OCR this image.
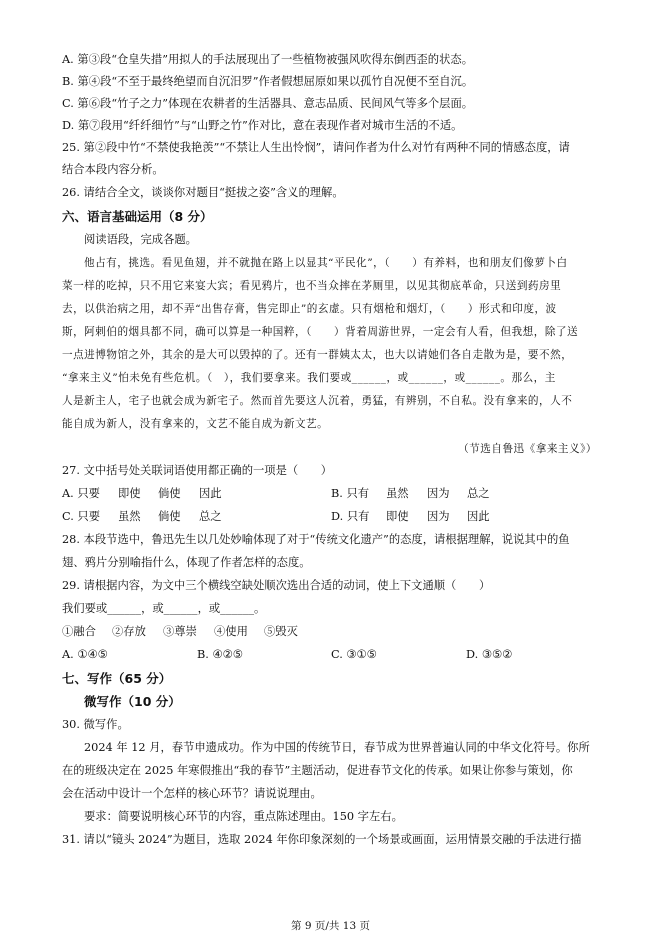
A. 第③段“仓皇失措”用拟人的手法展现出了一些植物被强风吹得东倒西歪的状态。
B. 第④段“不至于最终绝望而自沉汨罗”作者假想屈原如果以孤竹自况便不至自沉。
C. 第⑥段“竹子之力”体现在农耕者的生活器具、意志品质、民间风气等多个层面。
D. 第⑦段用“纤纤细竹”与“山野之竹”作对比，意在表现作者对城市生活的不适。
25. 第②段中竹“不禁使我艳羡”“不禁让人生出怜悯”，请问作者为什么对竹有两种不同的情感态度，请
结合本段内容分析。
26. 请结合全文，谈谈你对题目“挺拔之姿”含义的理解。
六、语言基础运用（8 分）
阅读语段，完成各题。
他占有，挑选。看见鱼翅，并不就抛在路上以显其“平民化”，（　　）有养料，也和朋友们像萝卜白
菜一样的吃掉，只不用它来宴大宾；看见鸦片，也不当众摔在茅厕里，以见其彻底革命，只送到药房里
去，以供治病之用，却不弄“出售存膏，售完即止”的玄虚。只有烟枪和烟灯，（　　）形式和印度，波
斯，阿剌伯的烟具都不同，确可以算是一种国粹，（　　）背着周游世界，一定会有人看，但我想，除了送
一点进博物馆之外，其余的是大可以毁掉的了。还有一群姨太太，也大以请她们各自走散为是，要不然，
“拿来主义”怕未免有些危机。（　），我们要拿来。我们要或______，或______，或______。那么，主
人是新主人，宅子也就会成为新宅子。然而首先要这人沉着，勇猛，有辨别，不自私。没有拿来的，人不
能自成为新人，没有拿来的，文艺不能自成为新文艺。
（节选自鲁迅《拿来主义》）
27. 文中括号处关联词语使用都正确的一项是（　　）
A. 只要 即使 倘使 因此	B. 只有 虽然 因为 总之
C. 只要 虽然 倘使 总之	D. 只有 即使 因为 因此
28. 本段节选中，鲁迅先生以几处妙喻体现了对于“传统文化遗产”的态度，请根据理解，说说其中的鱼
翅、鸦片分别喻指什么，体现了作者怎样的态度。
29. 请根据内容，为文中三个横线空缺处顺次选出合适的动词，使上下文通顺（　　）
我们要或______，或______，或______。
①融合 ②存放 ③尊崇 ④使用 ⑤毁灭
A. ①④⑤	B. ④②⑤	C. ③①⑤	D. ③⑤②
七、写作（65 分）
微写作（10 分）
30. 微写作。
2024 年 12 月，春节申遗成功。作为中国的传统节日，春节成为世界普遍认同的中华文化符号。你所
在的班级决定在 2025 年寒假推出“我的春节”主题活动，促进春节文化的传承。如果让你参与策划，你
会在活动中设计一个怎样的核心环节？请说说理由。
要求：简要说明核心环节的内容，重点陈述理由。150 字左右。
31. 请以“镜头 2024”为题目，选取 2024 年你印象深刻的一个场景或画面，运用情景交融的手法进行描
第 9 页/共 13 页
